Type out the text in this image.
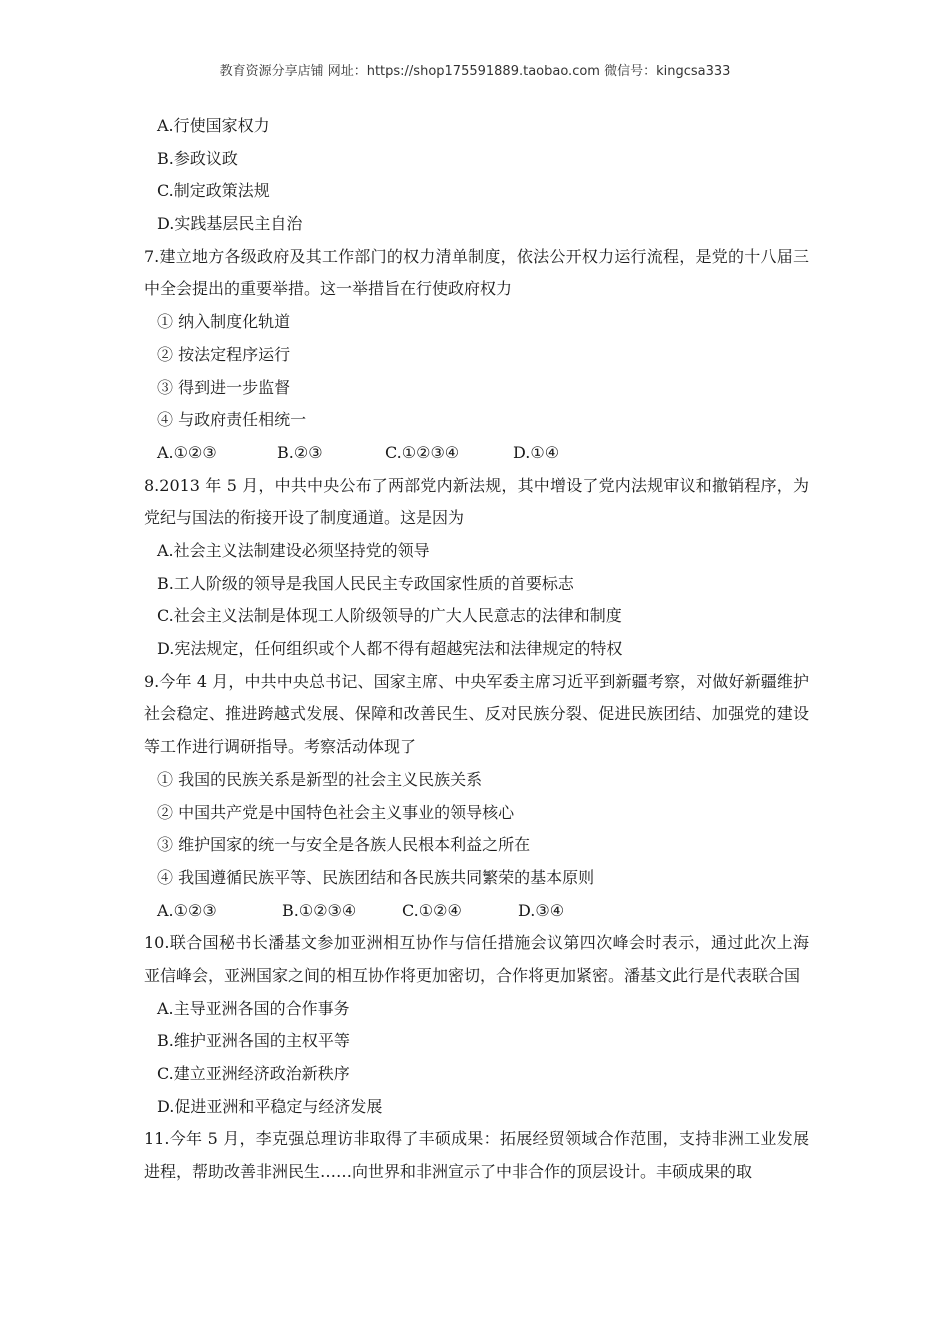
教育资源分享店铺 网址：https://shop175591889.taobao.com 微信号：kingcsa333
A.行使国家权力
B.参政议政
C.制定政策法规
D.实践基层民主自治
7.建立地方各级政府及其工作部门的权力清单制度，依法公开权力运行流程，是党的十八届三中全会提出的重要举措。这一举措旨在行使政府权力
① 纳入制度化轨道
② 按法定程序运行
③ 得到进一步监督
④ 与政府责任相统一
A.①②③	B.②③	C.①②③④	D.①④
8.2013 年 5 月，中共中央公布了两部党内新法规，其中增设了党内法规审议和撤销程序，为党纪与国法的衔接开设了制度通道。这是因为
A.社会主义法制建设必须坚持党的领导
B.工人阶级的领导是我国人民民主专政国家性质的首要标志
C.社会主义法制是体现工人阶级领导的广大人民意志的法律和制度
D.宪法规定，任何组织或个人都不得有超越宪法和法律规定的特权
9.今年 4 月，中共中央总书记、国家主席、中央军委主席习近平到新疆考察，对做好新疆维护社会稳定、推进跨越式发展、保障和改善民生、反对民族分裂、促进民族团结、加强党的建设等工作进行调研指导。考察活动体现了
① 我国的民族关系是新型的社会主义民族关系
② 中国共产党是中国特色社会主义事业的领导核心
③ 维护国家的统一与安全是各族人民根本利益之所在
④ 我国遵循民族平等、民族团结和各民族共同繁荣的基本原则
A.①②③	B.①②③④	C.①②④	D.③④
10.联合国秘书长潘基文参加亚洲相互协作与信任措施会议第四次峰会时表示，通过此次上海亚信峰会，亚洲国家之间的相互协作将更加密切，合作将更加紧密。潘基文此行是代表联合国
A.主导亚洲各国的合作事务
B.维护亚洲各国的主权平等
C.建立亚洲经济政治新秩序
D.促进亚洲和平稳定与经济发展
11.今年 5 月，李克强总理访非取得了丰硕成果：拓展经贸领域合作范围，支持非洲工业发展进程，帮助改善非洲民生……向世界和非洲宣示了中非合作的顶层设计。丰硕成果的取
